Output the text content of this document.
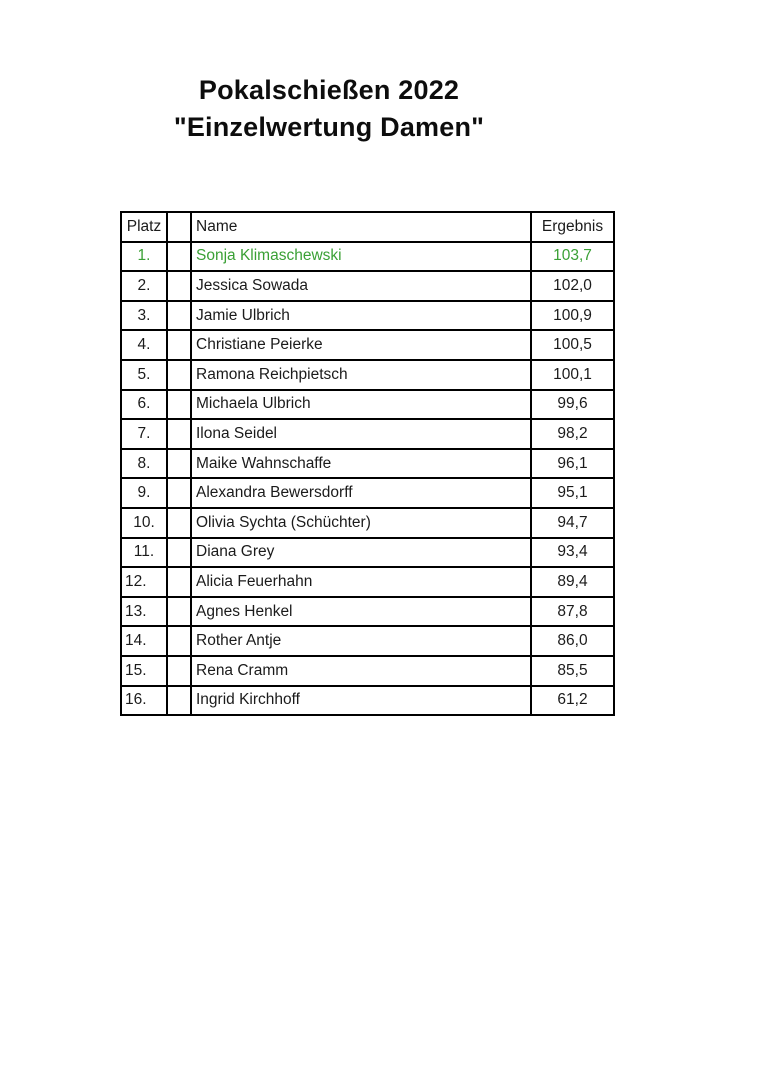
Pokalschießen 2022
"Einzelwertung Damen"
Platz		Name	Ergebnis
1.		Sonja Klimaschewski	103,7
2.		Jessica Sowada	102,0
3.		Jamie Ulbrich	100,9
4.		Christiane Peierke	100,5
5.		Ramona Reichpietsch	100,1
6.		Michaela Ulbrich	99,6
7.		Ilona Seidel	98,2
8.		Maike Wahnschaffe	96,1
9.		Alexandra Bewersdorff	95,1
10.		Olivia Sychta (Schüchter)	94,7
11.		Diana Grey	93,4
12.		Alicia Feuerhahn	89,4
13.		Agnes Henkel	87,8
14.		Rother Antje	86,0
15.		Rena Cramm	85,5
16.		Ingrid Kirchhoff	61,2
